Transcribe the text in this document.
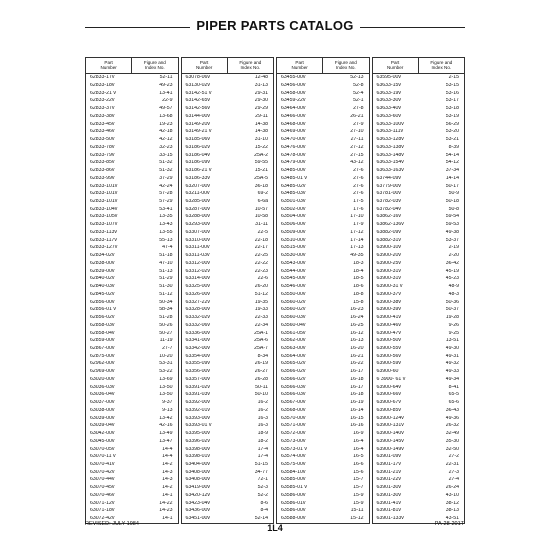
PIPER PARTS CATALOG
Part
Number
Figure and
Index No.
62833-17v	52-11
62833-18v	49-23
62833-21 v	13-41
62833-22v	22-9
62833-37v	49-57
62833-38v	13-68
62833-45v	19-23
62833-46v	42-18
62833-50v	42-12
62833-78v	32-23
62833-79v	33-15
62833-85v	51-32
62833-86v	51-32
62833-99v	37-29
62833-101v	42-24
62833-101v	57-28
62833-101v	57-29
62833-104v	53-41
62833-105v	13-35
62833-107v	13-43
62833-113v	13-55
62833-117v	55-13
62833-127v	47-4
62834-02v	51-18
62838-00v	47-10
62839-00v	51-13
62840-02v	51-29
62840-03v	51-30
62845-02v	51-12
62856-00v	50-34
62856-01 v	5b-34
62856-02v	51-28
62858-03v	50-26
62858-04v	50-27
62859-00v	11-19
62867-00v	27-7
62875-00v	10-20
62962-00v	53-31
62969-00v	53-22
63020-00v	13-69
63036-03v	13-50
63036-04v	13-50
63037-00v	9-37
63038-00v	9-13
63039-00v	13-42
63039-04v	42-16
63042-00v	13-49
63045-00v	13-47
63070-05v	14-4
63070-11 v	14-4
63070-41v	14-2
63070-42v	14-3
63070-44v	14-3
63070-45v	14-2
63070-46v	14-1
63071-12v	14-22
63071-18v	14-23
63072-42v	14-1
Part
Number
Figure and
Index No.
63078-06v	12-48
63130-02v	31-13
63142-51 v	29-31
63142-65v	29-30
63142-56v	29-29
63144-00v	29-11
63149-20v	14-38
63149-21 v	14-38
63185-06v	31-10
63186-02v	15-22
63186-04v	25A-2
63186-09v	59-55
63186-21 v	15-21
63186-33v	25A-5
63207-00v	36-18
63211-00v	69-2
63285-00v	6-6a
63287-00v	10-57
63288-00v	10-58
63293-00v	31-11
63307-00v	22-5
63310-00v	22-18
63311-00v	22-17
63311-03v	22-25
63312-00v	22-22
63312-02v	22-23
63314-00v	22-6
63325-00v	26-20
63326-00v	51-12
63327-22v	19-35
63328-00v	19-33
63332-02v	22-33
63332-06v	22-34
63336-00v	25A-1
63341-00v	25A-6
63342-00v	25A-7
63354-00v	8-34
63355-09v	26-19
63356-00v	26-27
63357-00v	26-28
63391-02v	50-11
63391-03v	50-10
63392-00v	16-2
63392-01v	16-2
63393-00v	16-3
63393-01 v	16-3
63395-00v	18-9
63396-02v	18-2
63398-00v	17-4
63398-01v	17-4
63404-00v	51-15
63408-00v	34-77
63408-00v	72-1
63419-00v	52-3
63420-12v	52-2
63423-04v	8-6
63436-00v	8-4
63451-00v	52-14
Part
Number
Figure and
Index No.
63455-00v	52-13
63456-00v	52-8
63458-00v	52-4
63459-22v	52-1
63464-00v	27-8
63466-00v	26-21
63468-00v	27-9
63469-00v	27-10
63470-00v	27-11
63476-00v	27-12
63478-00v	27-15
63479-00v	43-12
63485-00v	27-6
63485-01 v	27-6
63485-02v	27-6
63485-03v	27-6
63501-03v	17-5
63502-00v	17-6
63504-00v	17-10
63506-00v	17-9
63509-00v	17-12
63510-00v	17-14
63515-00v	17-13
63530-00v	49-35
63543-00v	18-3
63544-00v	18-4
63545-00v	18-5
63546-00v	18-6
63550-00v	18-8
63560-02v	15-8
63560-02v	16-23
63560-03v	16-24
63560-04v	16-25
63561-05v	16-12
63562-00v	16-13
63563-00v	16-20
63564-00v	16-21
63565-02v	16-22
63566-02v	16-17
63566-02v	16-18
63566-03v	16-17
63566-03v	16-18
63567-00v	16-19
63568-00v	16-14
63570-00v	16-15
63571-00v	16-16
63572-00v	16-9
63573-00v	16-4
63573-01 v	16-4
63574-00v	16-5
63575-00v	16-6
63584-10v	15-6
63585-00v	15-7
63585-01 v	15-7
63586-00v	15-9
63586-01v	15-9
63586-00v	15-11
63588-00v	15-12
Part
Number
Figure and
Index No.
63595-00v	2-15
63633-15v	53-15
63633-19v	53-16
63633-30v	53-17
63633-40v	53-18
63633-60v	53-19
63633-100v	56-29
63633-111v	53-20
63633-128v	53-21
63633-138v	8-39
63633-148v	54-14
63633-154v	54-12
63633-163v	37-34
63744-09v	14-14
63779-00v	50-17
63781-00v	50-9
63782-03v	50-18
63782-04v	50-8
63862-16v	59-54
63862-136v	59-53
63882-09v	49-38
63882-31v	53-37
63900-10v	2-19
63900-20v	2-20
63900-25v	36-42
63900-31v	45-19
63900-31v	45-23
63900-31 v	48-9
63900-37v	48-3
63900-38v	50-36
63900-39v	50-37
63900-41v	19-28
63900-46v	9-26
63900-47v	9-25
63900-50v	13-51
63900-55v	49-30
63900-56v	49-31
63900-59v	49-32
63900-60	49-33
6 3900- 61 v	49-34
63900-64v	8-41
63900-66v	65-5
63900-67v	65-6
63900-85v	36-43
63900-124v	49-36
63900-131v	26-32
63900-140v	32-49
63900-145v	35-30
63900-149v	32-50
63901-09v	27-2
63901-17v	22-31
63901-21v	27-3
63901-22v	27-4
63901-30v	26-24
63901-30v	43-10
63901-41v	38-12
63901-81v	38-13
63901-133v	43-51
REVISED: JULY 1984	1L4	PA-28-201T
